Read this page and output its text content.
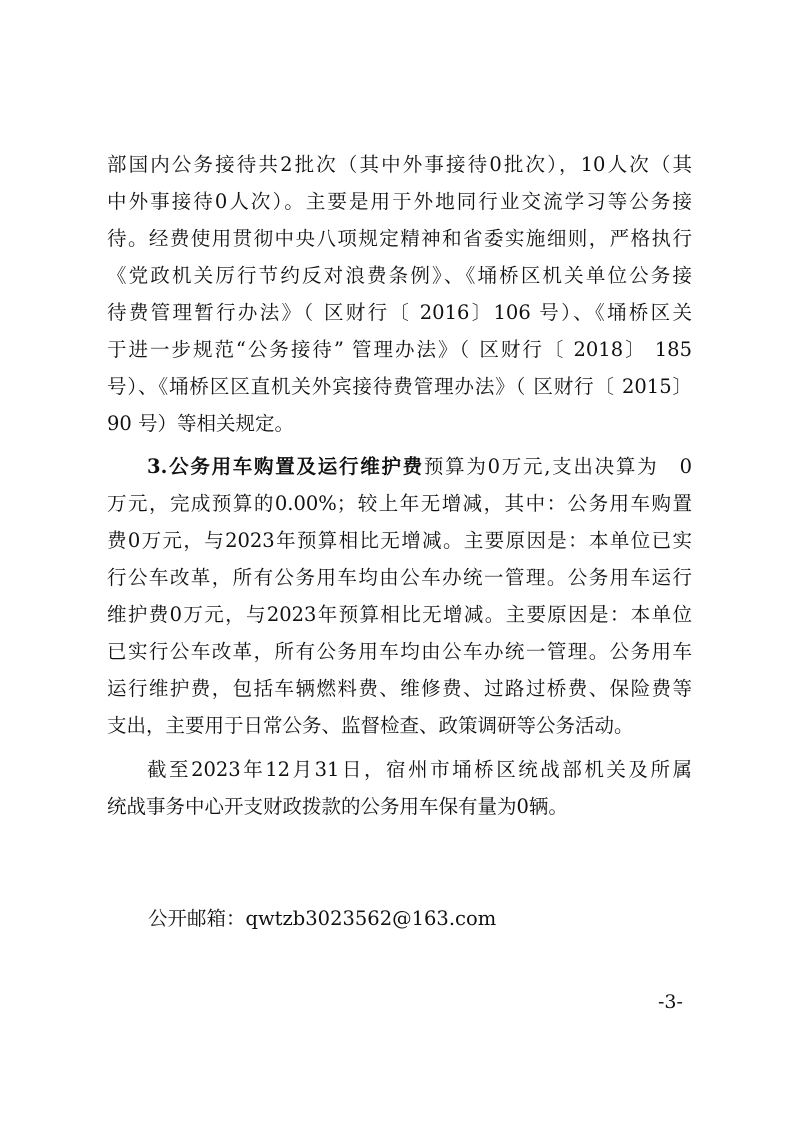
部国内公务接待共2批次（其中外事接待0批次），10人次（其
中外事接待0人次）。主要是用于外地同行业交流学习等公务接
待。经费使用贯彻中央八项规定精神和省委实施细则，严格执行
《党政机关厉行节约反对浪费条例》、《埇桥区机关单位公务接
待费管理暂行办法》（ 区财行〔 2016〕106 号）、《埇桥区关
于进一步规范“公务接待” 管理办法》（ 区财行〔 2018〕 185
号）、《埇桥区区直机关外宾接待费管理办法》（ 区财行〔 2015〕
90 号）等相关规定。
3.公务用车购置及运行维护费预算为0万元,支出决算为　0
万元，完成预算的0.00%；较上年无增减，其中：公务用车购置
费0万元，与2023年预算相比无增减。主要原因是：本单位已实
行公车改革，所有公务用车均由公车办统一管理。公务用车运行
维护费0万元，与2023年预算相比无增减。主要原因是：本单位
已实行公车改革，所有公务用车均由公车办统一管理。公务用车
运行维护费，包括车辆燃料费、维修费、过路过桥费、保险费等
支出，主要用于日常公务、监督检查、政策调研等公务活动。
截至2023年12月31日，宿州市埇桥区统战部机关及所属
统战事务中心开支财政拨款的公务用车保有量为0辆。
公开邮箱：qwtzb3023562@163.com
-3-
